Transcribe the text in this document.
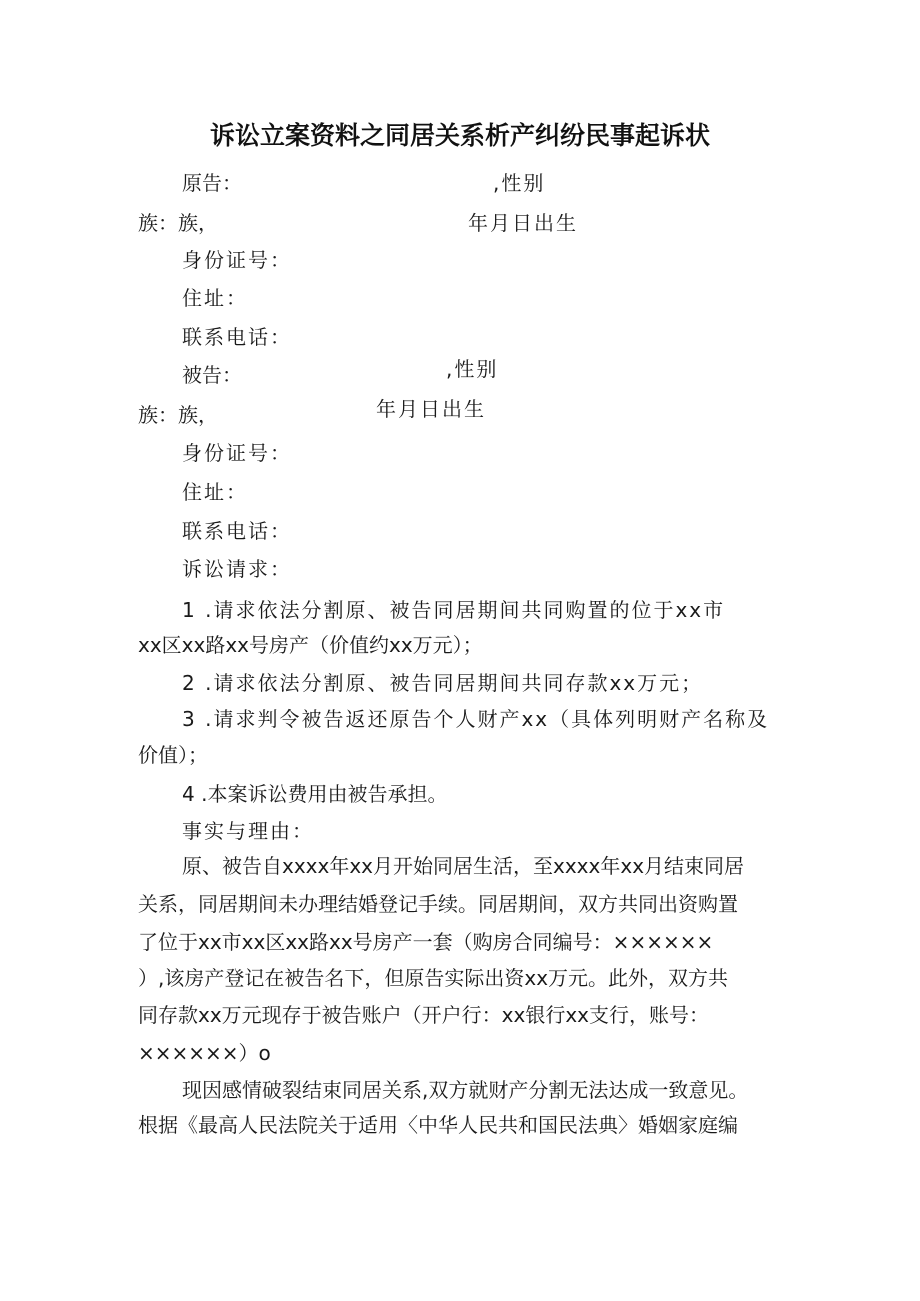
诉讼立案资料之同居关系析产纠纷民事起诉状
原告：	,性别
族：族，	年月日出生
身份证号：
住址：
联系电话：
被告：	,性别
族：族，	年月日出生
身份证号：
住址：
联系电话：
诉讼请求：
1 .请求依法分割原、被告同居期间共同购置的位于xx市
xx区xx路xx号房产（价值约xx万元）；
2 .请求依法分割原、被告同居期间共同存款xx万元；
3 .请求判令被告返还原告个人财产xx（具体列明财产名称及
价值）；
4 .本案诉讼费用由被告承担。
事实与理由：
原、被告自xxxx年xx月开始同居生活，至xxxx年xx月结束同居
关系，同居期间未办理结婚登记手续。同居期间，双方共同出资购置
了位于xx市xx区xx路xx号房产一套（购房合同编号：××××××
）,该房产登记在被告名下，但原告实际出资xx万元。此外，双方共
同存款xx万元现存于被告账户（开户行：xx银行xx支行，账号：
××××××）o
现因感情破裂结束同居关系,双方就财产分割无法达成一致意见。
根据《最高人民法院关于适用〈中华人民共和国民法典〉婚姻家庭编
